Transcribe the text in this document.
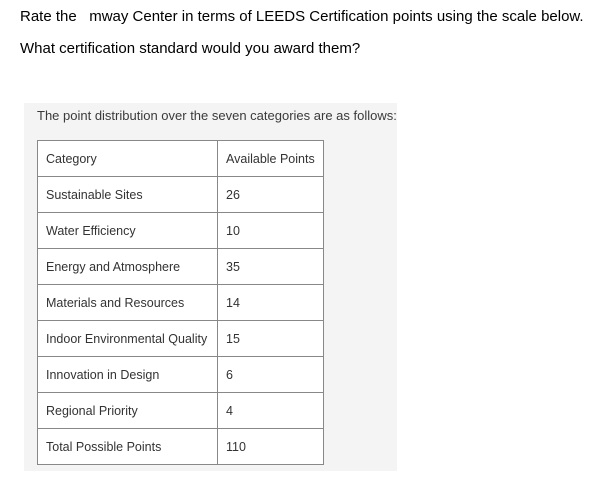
Rate the   mway Center in terms of LEEDS Certification points using the scale below.
What certification standard would you award them?
The point distribution over the seven categories are as follows:
Category	Available Points
Sustainable Sites	26
Water Efficiency	10
Energy and Atmosphere	35
Materials and Resources	14
Indoor Environmental Quality	15
Innovation in Design	6
Regional Priority	4
Total Possible Points	110
